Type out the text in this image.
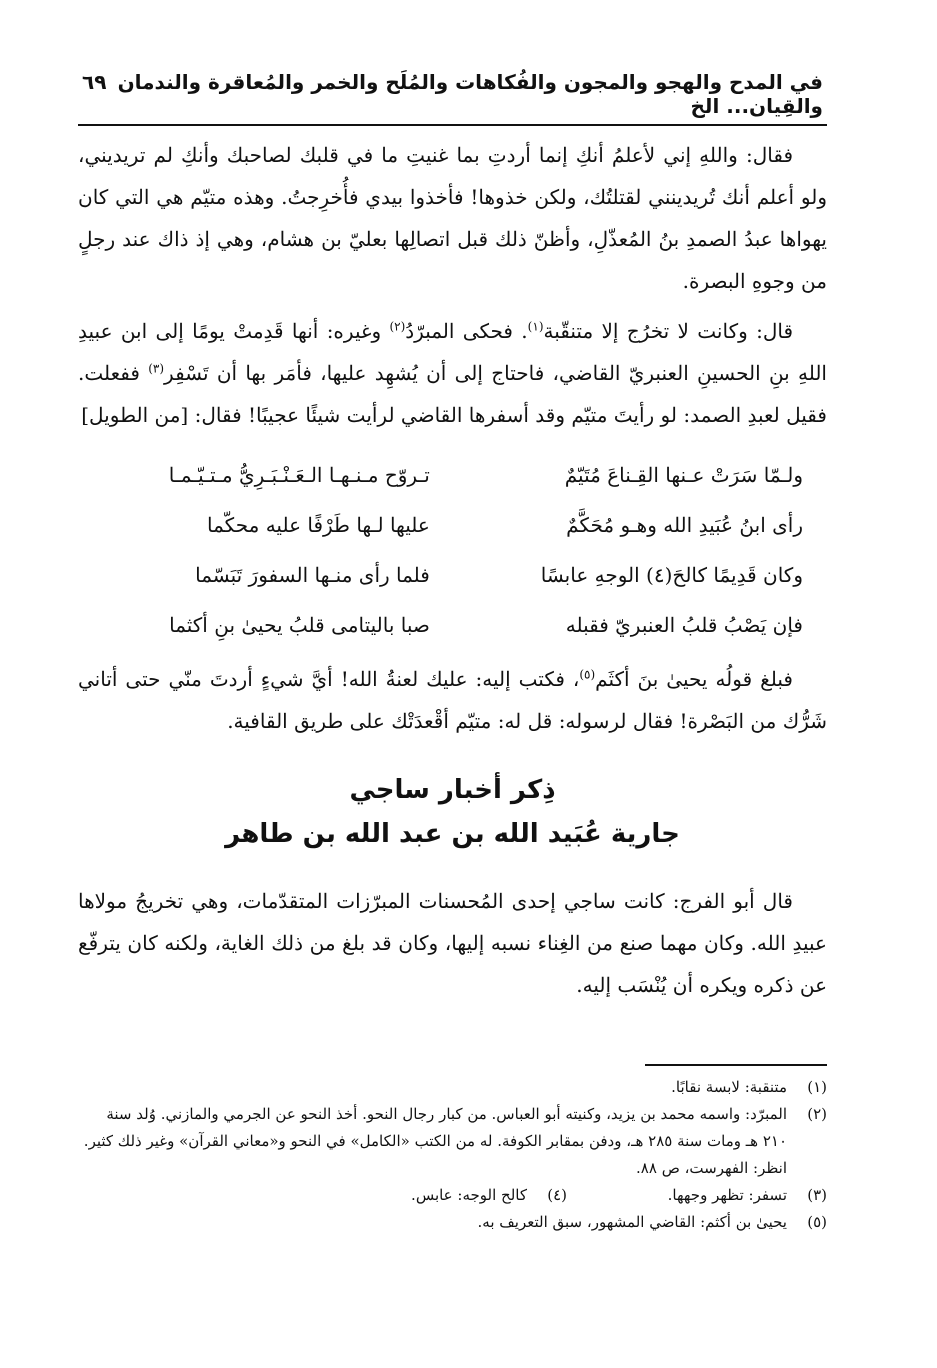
في المدح والهجو والمجون والفُكاهات والمُلَح والخمر والمُعاقرة والندمان والقِيان... الخ
٦٩

فقال: واللهِ إني لأعلمُ أنكِ إنما أردتِ بما غنيتِ ما في قلبك لصاحبك وأنكِ لم تريديني، ولو أعلم أنك تُريدينني لقتلتُك، ولكن خذوها! فأخذوا بيدي فأُخرِجتُ. وهذه متيّم هي التي كان يهواها عبدُ الصمدِ بنُ المُعذّلِ، وأظنّ ذلك قبل اتصالِها بعليّ بن هشام، وهي إذ ذاك عند رجلٍ من وجوهِ البصرة.

قال: وكانت لا تخرُج إلا متنقّبة$^{(١)}$. فحكى المبرّدُ$^{(٢)}$ وغيره: أنها قَدِمتْ يومًا إلى ابن عبيدِ اللهِ بنِ الحسينِ العنبريّ القاضي، فاحتاج إلى أن يُشهِد عليها، فأمَر بها أن تَسْفِر$^{(٣)}$ ففعلت. فقيل لعبدِ الصمد: لو رأيتَ متيّم وقد أسفرها القاضي لرأيت شيئًا عجيبًا! فقال: [من الطويل]

ولـمّا سَرَتْ عـنها القِـناعَ مُتَيّمٌ
تـروّح مـنـهـا الـعَـنْـبَـرِيُّ مـتـيّـمـا
رأى ابنُ عُبَيدِ الله وهـو مُحَكَّمٌ
عليها لـها طَرْفًا عليه محكّما
وكان قَدِيمًا كالحَ(٤) الوجهِ عابسًا
فلما رأى منـها السفورَ تَبَسّما
فإن يَصْبُ قلبُ العنبريّ فقبله
صبا باليتامى قلبُ يحيىٰ بنِ أكثما

فبلغ قولُه يحيىٰ بنَ أكثَم$^{(٥)}$، فكتب إليه: عليك لعنةُ الله! أيَّ شيءٍ أردتَ منّي حتى أتاني شَرُّك من البَصْرة! فقال لرسوله: قل له: متيّم أقْعدَتْك على طريق القافية.

ذِكر أخبار ساجي
جارية عُبَيد الله بن عبد الله بن طاهر

قال أبو الفرج: كانت ساجي إحدى المُحسنات المبرّزات المتقدّمات، وهي تخريجُ مولاها عبيدِ الله. وكان مهما صنع من الغِناء نسبه إليها، وكان قد بلغ من ذلك الغاية، ولكنه كان يترفّع عن ذكره ويكره أن يُنْسَب إليه.

(١)
متنقبة: لابسة نقابًا.
(٢)
المبرّد: واسمه محمد بن يزيد، وكنيته أبو العباس. من كبار رجال النحو. أخذ النحو عن الجرمي والمازني. وُلد سنة ٢١٠ هـ ومات سنة ٢٨٥ هـ، ودفن بمقابر الكوفة. له من الكتب «الكامل» في النحو و«معاني القرآن» وغير ذلك كثير. انظر: الفهرست، ص ٨٨.
(٣)
تسفر: تظهر وجهها.
(٤)
كالح الوجه: عابس.
(٥)
يحيىٰ بن أكثم: القاضي المشهور، سبق التعريف به.
